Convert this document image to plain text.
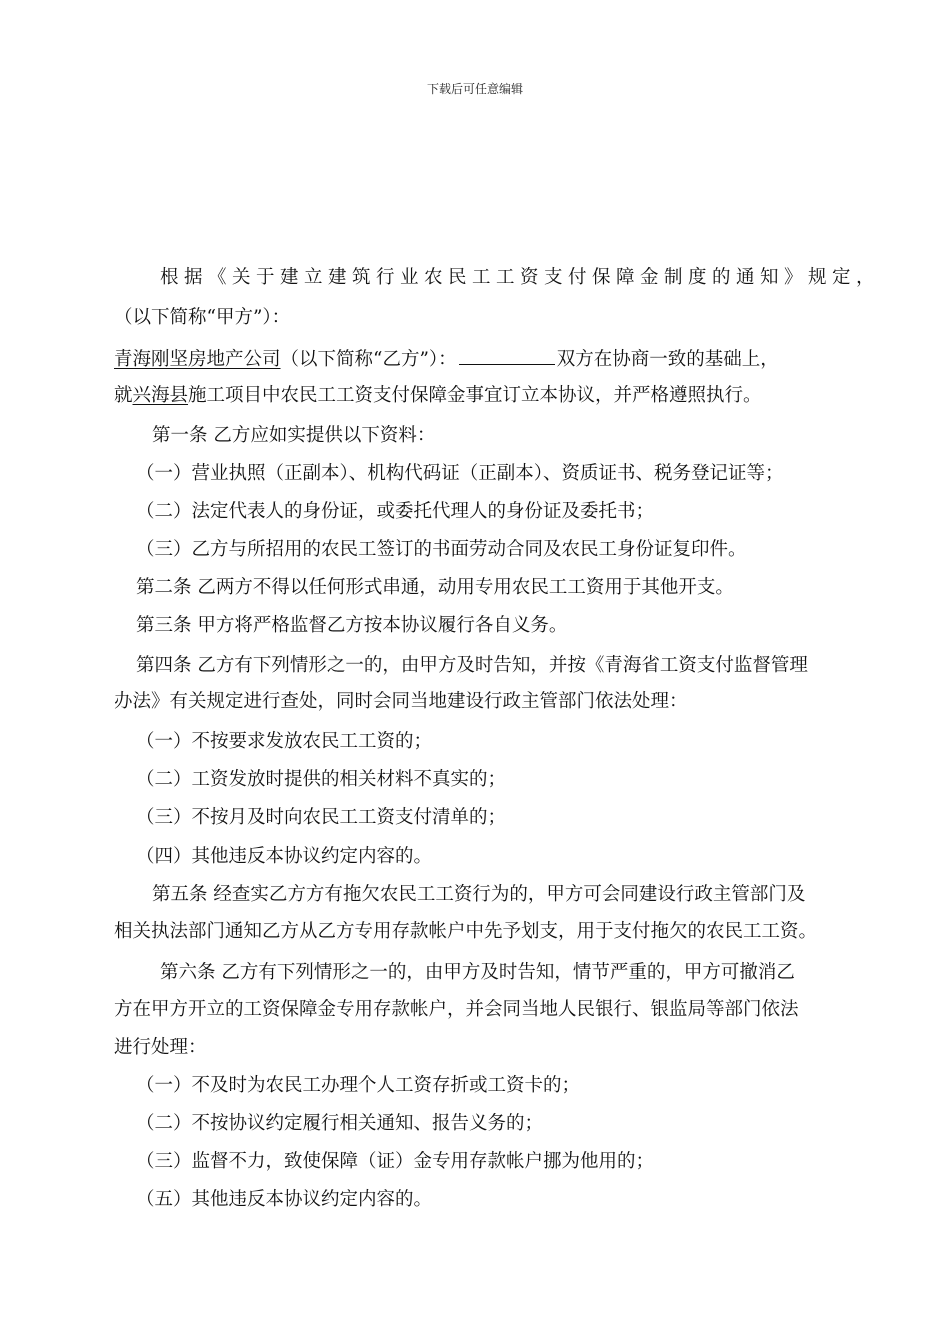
下载后可任意编辑
根据《关于建立建筑行业农民工工资支付保障金制度的通知》规定，
（以下简称“甲方”）：
青海刚坚房地产公司（以下简称“乙方”）：	双方在协商一致的基础上，
就兴海县施工项目中农民工工资支付保障金事宜订立本协议，并严格遵照执行。
第一条 乙方应如实提供以下资料：
（一）营业执照（正副本）、机构代码证（正副本）、资质证书、税务登记证等；
（二）法定代表人的身份证，或委托代理人的身份证及委托书；
（三）乙方与所招用的农民工签订的书面劳动合同及农民工身份证复印件。
第二条 乙两方不得以任何形式串通，动用专用农民工工资用于其他开支。
第三条 甲方将严格监督乙方按本协议履行各自义务。
第四条 乙方有下列情形之一的，由甲方及时告知，并按《青海省工资支付监督管理
办法》有关规定进行查处，同时会同当地建设行政主管部门依法处理：
（一）不按要求发放农民工工资的；
（二）工资发放时提供的相关材料不真实的；
（三）不按月及时向农民工工资支付清单的；
（四）其他违反本协议约定内容的。
第五条 经查实乙方方有拖欠农民工工资行为的，甲方可会同建设行政主管部门及
相关执法部门通知乙方从乙方专用存款帐户中先予划支，用于支付拖欠的农民工工资。
第六条 乙方有下列情形之一的，由甲方及时告知，情节严重的，甲方可撤消乙
方在甲方开立的工资保障金专用存款帐户，并会同当地人民银行、银监局等部门依法
进行处理：
（一）不及时为农民工办理个人工资存折或工资卡的；
（二）不按协议约定履行相关通知、报告义务的；
（三）监督不力，致使保障（证）金专用存款帐户挪为他用的；
（五）其他违反本协议约定内容的。
